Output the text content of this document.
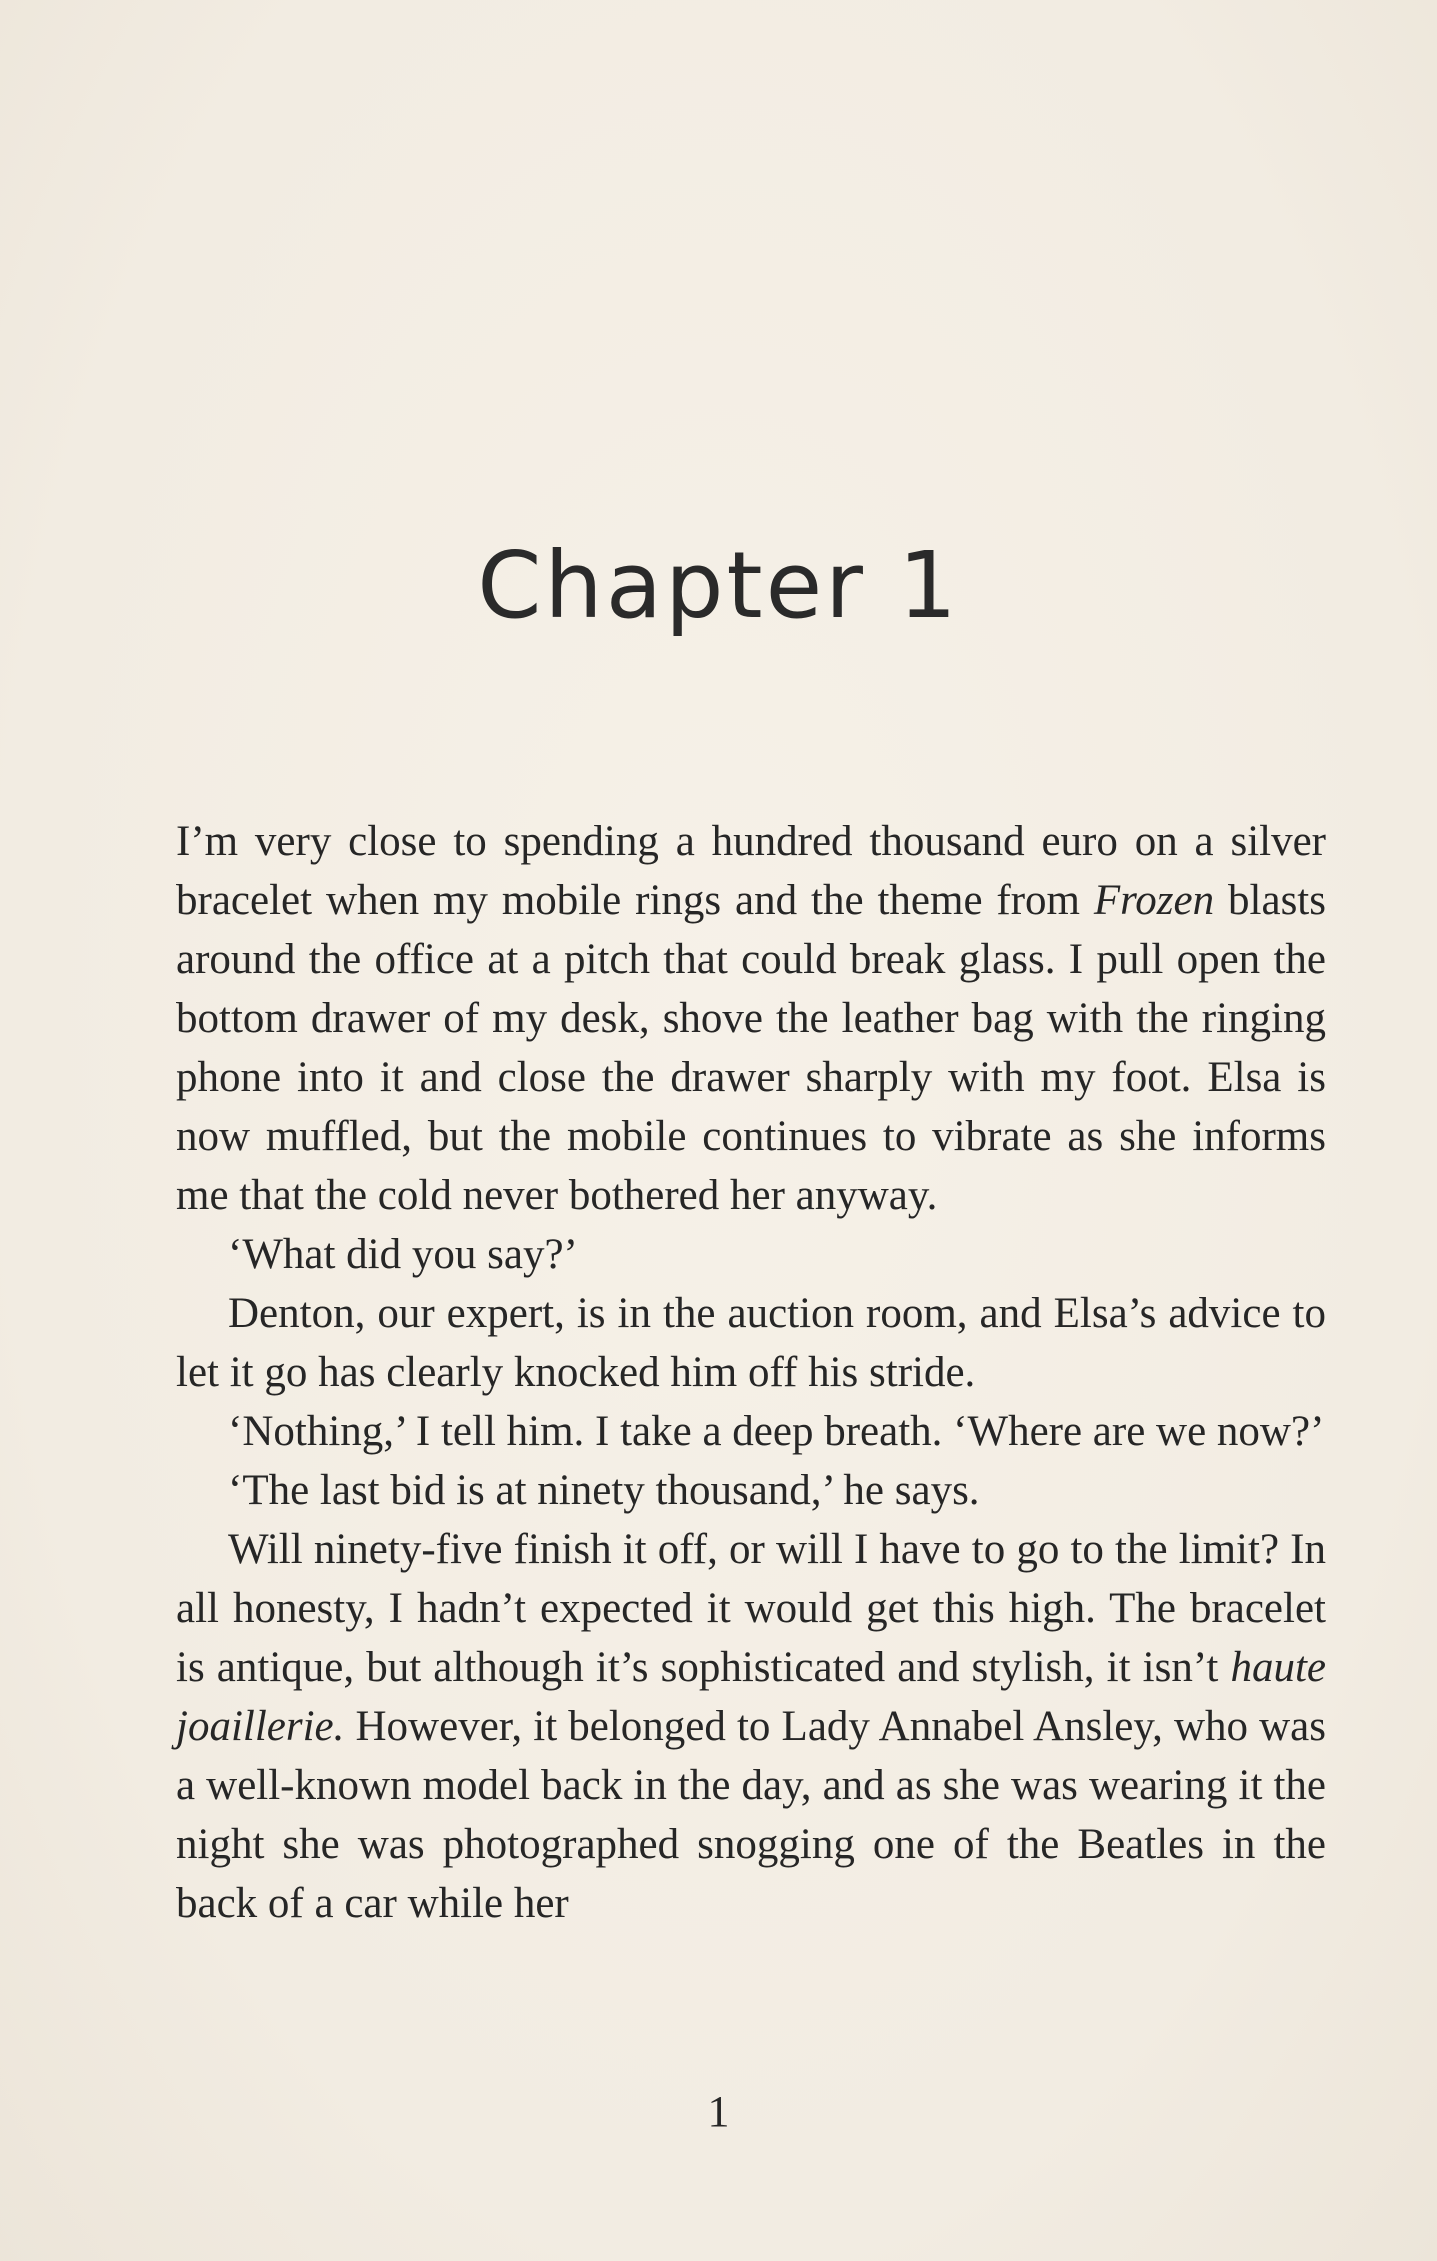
Chapter 1

I’m very close to spending a hundred thousand euro on a silver bracelet when my mobile rings and the theme from Frozen blasts around the office at a pitch that could break glass. I pull open the bottom drawer of my desk, shove the leather bag with the ringing phone into it and close the drawer sharply with my foot. Elsa is now muffled, but the mobile continues to vibrate as she informs me that the cold never bothered her anyway.

‘What did you say?’

Denton, our expert, is in the auction room, and Elsa’s advice to let it go has clearly knocked him off his stride.

‘Nothing,’ I tell him. I take a deep breath. ‘Where are we now?’

‘The last bid is at ninety thousand,’ he says.

Will ninety-five finish it off, or will I have to go to the limit? In all honesty, I hadn’t expected it would get this high. The bracelet is antique, but although it’s sophisticated and stylish, it isn’t haute joaillerie. However, it belonged to Lady Annabel Ansley, who was a well-known model back in the day, and as she was wearing it the night she was photographed snogging one of the Beatles in the back of a car while her

1
